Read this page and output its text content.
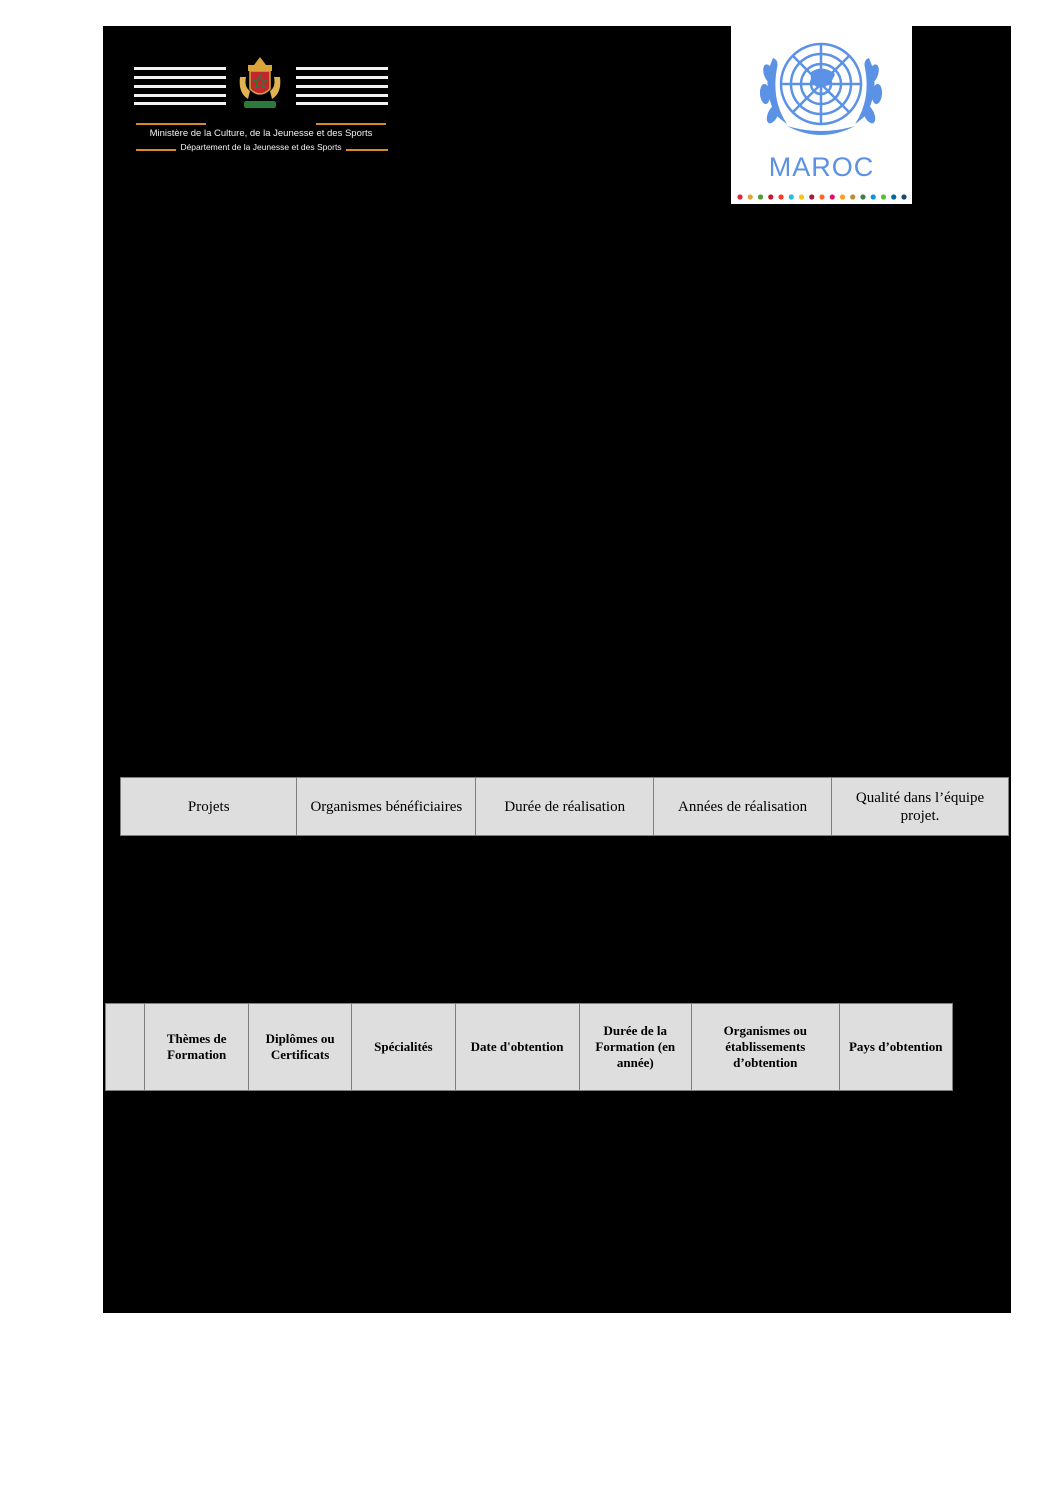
Ministère de la Culture, de la Jeunesse et des Sports
Département de la Jeunesse et des Sports
MAROC
Projets	Organismes bénéficiaires	Durée de réalisation	Années de réalisation	Qualité dans l’équipe projet.
	Thèmes de Formation	Diplômes ou Certificats	Spécialités	Date d'obtention	Durée de la Formation (en année)	Organismes ou établissements d’obtention	Pays d’obtention
